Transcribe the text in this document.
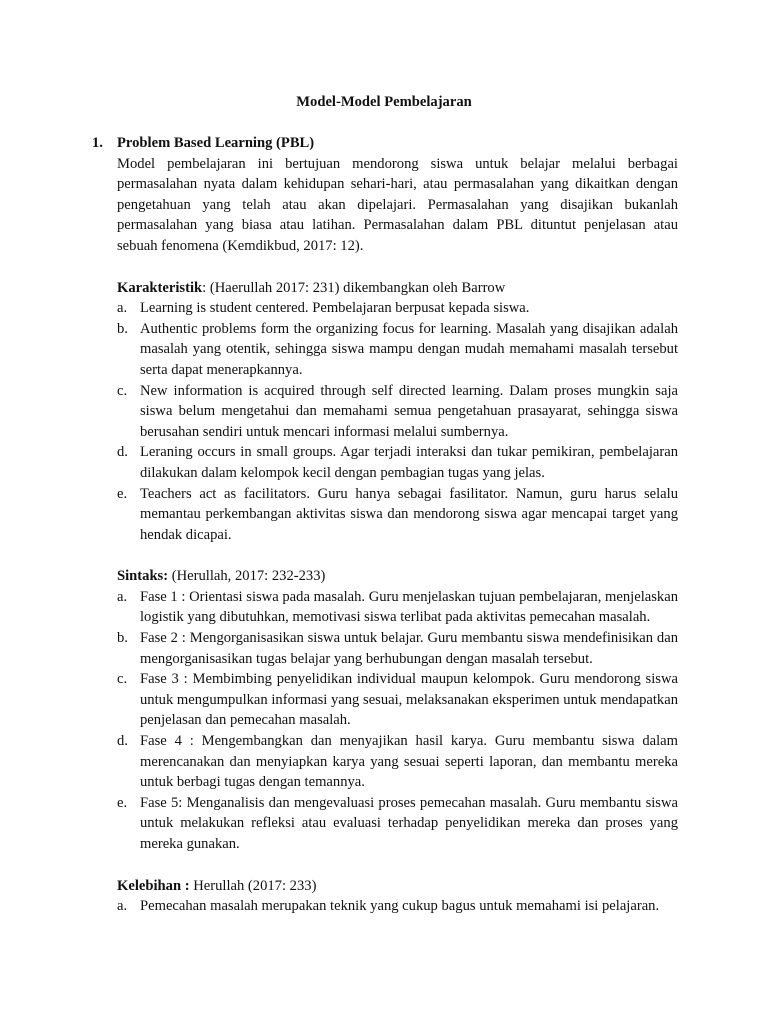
Model-Model Pembelajaran
1. Problem Based Learning (PBL)

Model pembelajaran ini bertujuan mendorong siswa untuk belajar melalui berbagai permasalahan nyata dalam kehidupan sehari-hari, atau permasalahan yang dikaitkan dengan pengetahuan yang telah atau akan dipelajari. Permasalahan yang disajikan bukanlah permasalahan yang biasa atau latihan. Permasalahan dalam PBL dituntut penjelasan atau sebuah fenomena (Kemdikbud, 2017: 12).

Karakteristik: (Haerullah 2017: 231) dikembangkan oleh Barrow
a. Learning is student centered. Pembelajaran berpusat kepada siswa.
b. Authentic problems form the organizing focus for learning. Masalah yang disajikan adalah masalah yang otentik, sehingga siswa mampu dengan mudah memahami masalah tersebut serta dapat menerapkannya.
c. New information is acquired through self directed learning. Dalam proses mungkin saja siswa belum mengetahui dan memahami semua pengetahuan prasayarat, sehingga siswa berusahan sendiri untuk mencari informasi melalui sumbernya.
d. Leraning occurs in small groups. Agar terjadi interaksi dan tukar pemikiran, pembelajaran dilakukan dalam kelompok kecil dengan pembagian tugas yang jelas.
e. Teachers act as facilitators. Guru hanya sebagai fasilitator. Namun, guru harus selalu memantau perkembangan aktivitas siswa dan mendorong siswa agar mencapai target yang hendak dicapai.
Sintaks: (Herullah, 2017: 232-233)
a. Fase 1 : Orientasi siswa pada masalah. Guru menjelaskan tujuan pembelajaran, menjelaskan logistik yang dibutuhkan, memotivasi siswa terlibat pada aktivitas pemecahan masalah.
b. Fase 2 : Mengorganisasikan siswa untuk belajar. Guru membantu siswa mendefinisikan dan mengorganisasikan tugas belajar yang berhubungan dengan masalah tersebut.
c. Fase 3 : Membimbing penyelidikan individual maupun kelompok. Guru mendorong siswa untuk mengumpulkan informasi yang sesuai, melaksanakan eksperimen untuk mendapatkan penjelasan dan pemecahan masalah.
d. Fase 4 : Mengembangkan dan menyajikan hasil karya. Guru membantu siswa dalam merencanakan dan menyiapkan karya yang sesuai seperti laporan, dan membantu mereka untuk berbagi tugas dengan temannya.
e. Fase 5: Menganalisis dan mengevaluasi proses pemecahan masalah. Guru membantu siswa untuk melakukan refleksi atau evaluasi terhadap penyelidikan mereka dan proses yang mereka gunakan.
Kelebihan : Herullah (2017: 233)
a. Pemecahan masalah merupakan teknik yang cukup bagus untuk memahami isi pelajaran.
